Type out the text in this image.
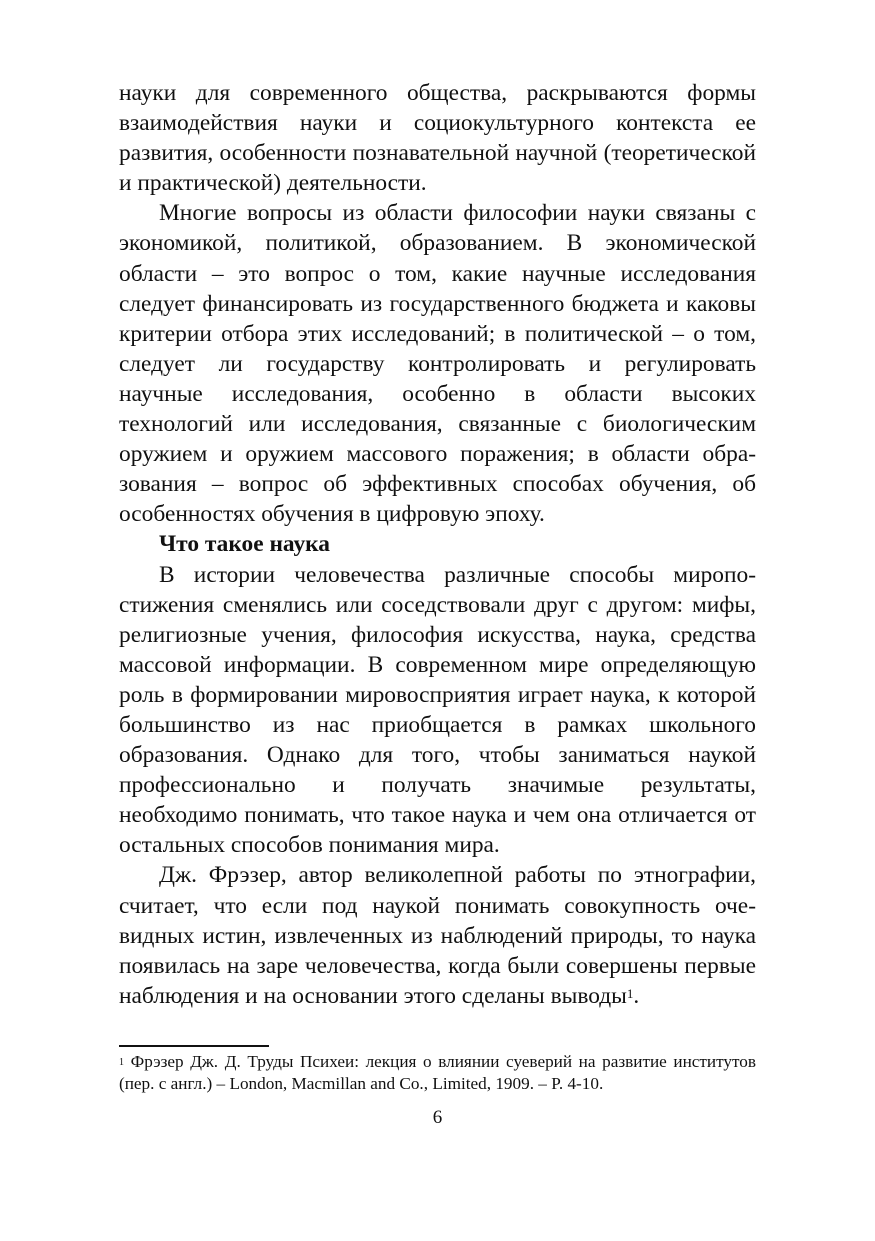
науки для современного общества, раскрываются формы взаимодействия науки и социокультурного контекста ее развития, особенности познавательной научной (теоретической и практической) деятельности.

Многие вопросы из области философии науки связаны с экономикой, политикой, образованием. В экономической области – это вопрос о том, какие научные исследования следует финансировать из государственного бюджета и каковы критерии отбора этих исследований; в политической – о том, следует ли государству контролировать и регулировать научные исследования, особенно в области высоких технологий или исследования, связанные с биологическим оружием и оружием массового поражения; в области образования – вопрос об эффективных способах обучения, об особенностях обучения в цифровую эпоху.

Что такое наука

В истории человечества различные способы миропостижения сменялись или соседствовали друг с другом: мифы, религиозные учения, философия искусства, наука, средства массовой информации. В современном мире определяющую роль в формировании мировосприятия играет наука, к которой большинство из нас приобщается в рамках школьного образования. Однако для того, чтобы заниматься наукой профессионально и получать значимые результаты, необходимо понимать, что такое наука и чем она отличается от остальных способов понимания мира.

Дж. Фрэзер, автор великолепной работы по этнографии, считает, что если под наукой понимать совокупность очевидных истин, извлеченных из наблюдений природы, то наука появилась на заре человечества, когда были совершены первые наблюдения и на основании этого сделаны выводы$^1$.

$^1$ Фрэзер Дж. Д. Труды Психеи: лекция о влиянии суеверий на развитие институтов (пер. с англ.) – London, Macmillan and Co., Limited, 1909. – P. 4-10.

6
